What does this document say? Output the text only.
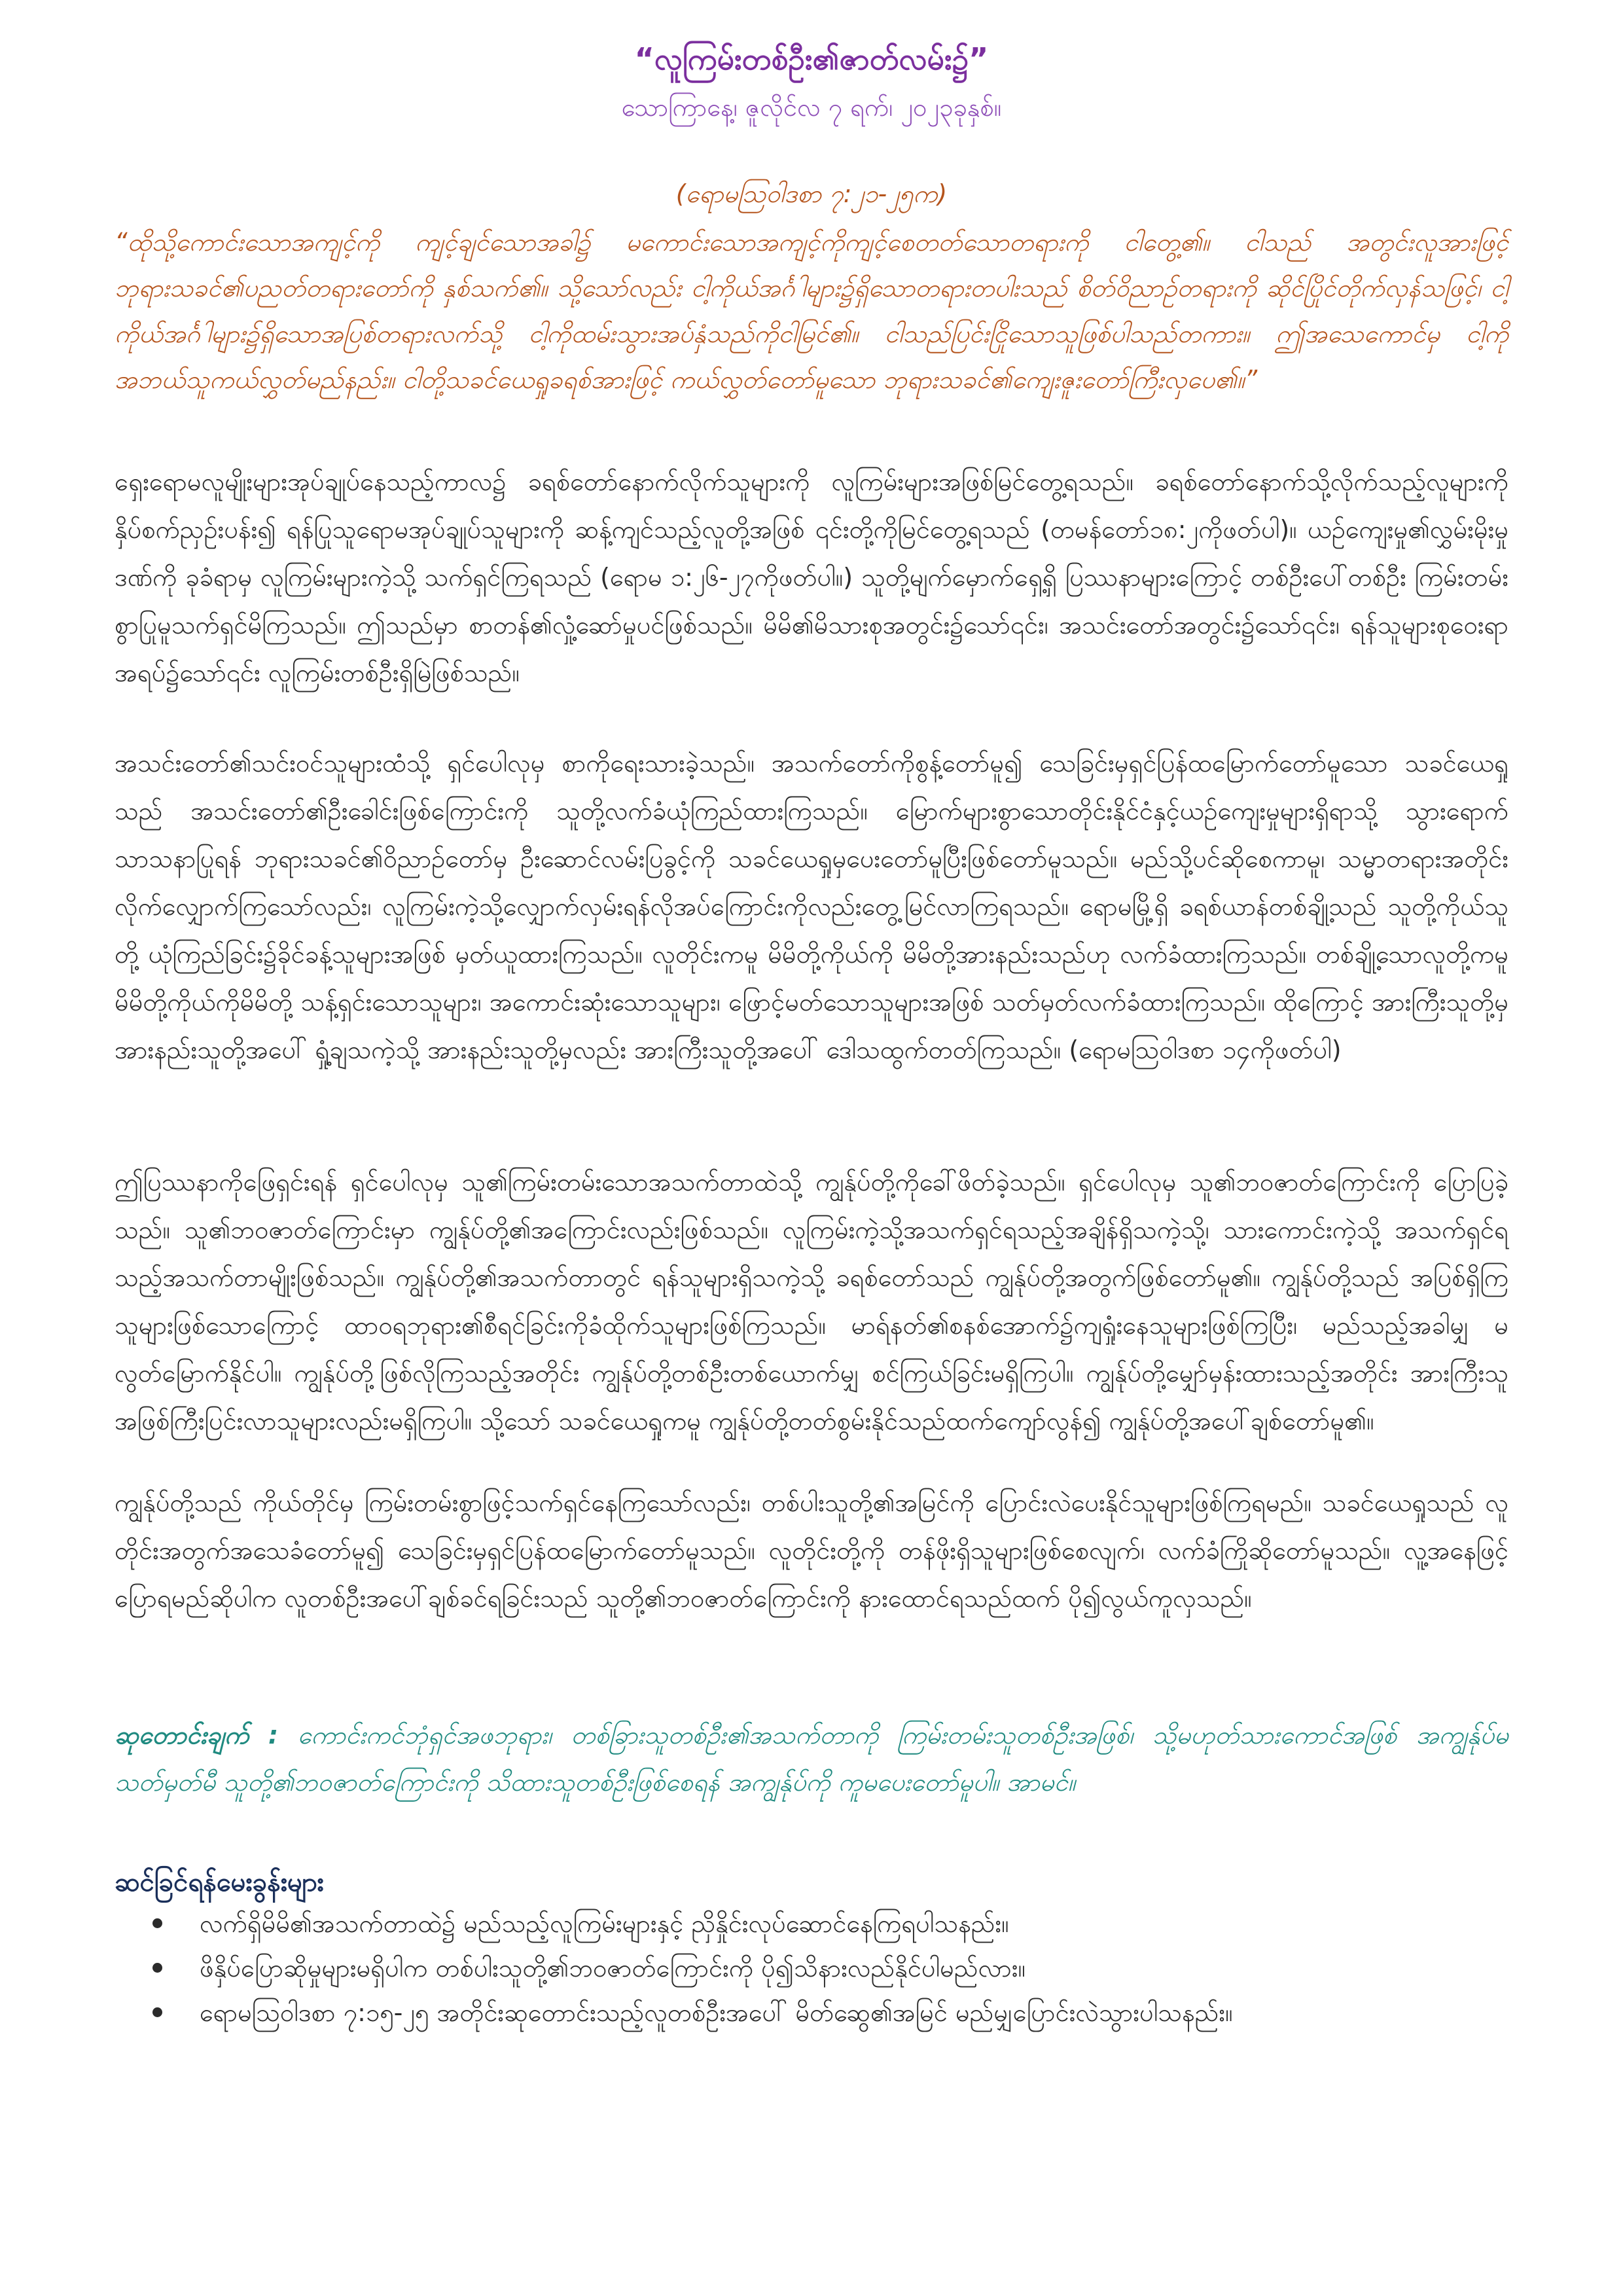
“လူကြမ်းတစ်ဦး၏ဇာတ်လမ်း၌”
သောကြာနေ့၊ ဇူလိုင်လ ၇ ရက်၊ ၂၀၂၃ခုနှစ်။
(ရောမဩဝါဒစာ ၇:၂၁-၂၅က)

“ထိုသို့ကောင်းသောအကျင့်ကို ကျင့်ချင်သောအခါ၌ မကောင်းသောအကျင့်ကိုကျင့်စေတတ်သောတရားကို ငါတွေ့၏။ ငါသည် အတွင်းလူအားဖြင့် ဘုရားသခင်၏ပညတ်တရားတော်ကို နှစ်သက်၏။ သို့သော်လည်း ငါ့ကိုယ်အင်္ဂါများ၌ရှိသောတရားတပါးသည် စိတ်ဝိညာဉ်တရားကို ဆိုင်ပြိုင်တိုက်လှန်သဖြင့်၊ ငါ့ကိုယ်အင်္ဂါများ၌ရှိသောအပြစ်တရားလက်သို့ ငါ့ကိုထမ်းသွားအပ်နှံသည်ကိုငါမြင်၏။ ငါသည်ပြင်းငြိုသောသူဖြစ်ပါသည်တကား။ ဤအသေကောင်မှ ငါ့ကို အဘယ်သူကယ်လွှတ်မည်နည်း။ ငါတို့သခင်ယေရှုခရစ်အားဖြင့် ကယ်လွှတ်တော်မူသော ဘုရားသခင်၏ကျေးဇူးတော်ကြီးလှပေ၏။”

ရှေးရောမလူမျိုးများအုပ်ချုပ်နေသည့်ကာလ၌ ခရစ်တော်နောက်လိုက်သူများကို လူကြမ်းများအဖြစ်မြင်တွေ့ရသည်။ ခရစ်တော်နောက်သို့လိုက်သည့်လူများကို နှိပ်စက်ညှဉ်းပန်း၍ ရန်ပြုသူရောမအုပ်ချုပ်သူများကို ဆန့်ကျင်သည့်လူတို့အဖြစ် ၎င်းတို့ကိုမြင်တွေ့ရသည် (တမန်တော်၁၈:၂ကိုဖတ်ပါ)။ ယဉ်ကျေးမှု၏လွှမ်းမိုးမှုဒဏ်ကို ခုခံရာမှ လူကြမ်းများကဲ့သို့ သက်ရှင်ကြရသည် (ရောမ ၁:၂၆-၂၇ကိုဖတ်ပါ။) သူတို့မျက်မှောက်ရှေ့ရှိ ပြဿနာများကြောင့် တစ်ဦးပေါ်တစ်ဦး ကြမ်းတမ်းစွာပြုမူသက်ရှင်မိကြသည်။ ဤသည်မှာ စာတန်၏လှုံ့ဆော်မှုပင်ဖြစ်သည်။ မိမိ၏မိသားစုအတွင်း၌သော်၎င်း၊ အသင်းတော်အတွင်း၌သော်၎င်း၊ ရန်သူများစုဝေးရာအရပ်၌သော်၎င်း လူကြမ်းတစ်ဦးရှိမြဲဖြစ်သည်။

အသင်းတော်၏သင်းဝင်သူများထံသို့ ရှင်ပေါလုမှ စာကိုရေးသားခဲ့သည်။ အသက်တော်ကိုစွန့်တော်မူ၍ သေခြင်းမှရှင်ပြန်ထမြောက်တော်မူသော သခင်ယေရှုသည် အသင်းတော်၏ဦးခေါင်းဖြစ်ကြောင်းကို သူတို့လက်ခံယုံကြည်ထားကြသည်။ မြောက်များစွာသောတိုင်းနိုင်ငံနှင့်ယဉ်ကျေးမှုများရှိရာသို့ သွားရောက်သာသနာပြုရန် ဘုရားသခင်၏ဝိညာဉ်တော်မှ ဦးဆောင်လမ်းပြခွင့်ကို သခင်ယေရှုမှပေးတော်မူပြီးဖြစ်တော်မူသည်။ မည်သို့ပင်ဆိုစေကာမူ၊ သမ္မာတရားအတိုင်းလိုက်လျှောက်ကြသော်လည်း၊ လူကြမ်းကဲ့သို့လျှောက်လှမ်းရန်လိုအပ်ကြောင်းကိုလည်းတွေ့မြင်လာကြရသည်။ ရောမမြို့ရှိ ခရစ်ယာန်တစ်ချို့သည် သူတို့ကိုယ်သူတို့ ယုံကြည်ခြင်း၌ခိုင်ခန့်သူများအဖြစ် မှတ်ယူထားကြသည်။ လူတိုင်းကမူ မိမိတို့ကိုယ်ကို မိမိတို့အားနည်းသည်ဟု လက်ခံထားကြသည်။ တစ်ချို့သောလူတို့ကမူ မိမိတို့ကိုယ်ကိုမိမိတို့ သန့်ရှင်းသောသူများ၊ အကောင်းဆုံးသောသူများ၊ ဖြောင့်မတ်သောသူများအဖြစ် သတ်မှတ်လက်ခံထားကြသည်။ ထိုကြောင့် အားကြီးသူတို့မှ အားနည်းသူတို့အပေါ် ရှုံ့ချသကဲ့သို့ အားနည်းသူတို့မှလည်း အားကြီးသူတို့အပေါ် ဒေါသထွက်တတ်ကြသည်။ (ရောမဩဝါဒစာ ၁၄ကိုဖတ်ပါ)

ဤပြဿနာကိုဖြေရှင်းရန် ရှင်ပေါလုမှ သူ၏ကြမ်းတမ်းသောအသက်တာထဲသို့ ကျွန်ုပ်တို့ကိုခေါ်ဖိတ်ခဲ့သည်။ ရှင်ပေါလုမှ သူ၏ဘဝဇာတ်ကြောင်းကို ပြောပြခဲ့သည်။ သူ၏ဘဝဇာတ်ကြောင်းမှာ ကျွန်ုပ်တို့၏အကြောင်းလည်းဖြစ်သည်။ လူကြမ်းကဲ့သို့အသက်ရှင်ရသည့်အချိန်ရှိသကဲ့သို့၊ သားကောင်းကဲ့သို့ အသက်ရှင်ရသည့်အသက်တာမျိုးဖြစ်သည်။ ကျွန်ုပ်တို့၏အသက်တာတွင် ရန်သူများရှိသကဲ့သို့ ခရစ်တော်သည် ကျွန်ုပ်တို့အတွက်ဖြစ်တော်မူ၏။ ကျွန်ုပ်တို့သည် အပြစ်ရှိကြသူများဖြစ်သောကြောင့် ထာဝရဘုရား၏စီရင်ခြင်းကိုခံထိုက်သူများဖြစ်ကြသည်။ မာရ်နတ်၏စနစ်အောက်၌ကျရှုံးနေသူများဖြစ်ကြပြီး၊ မည်သည့်အခါမျှ မလွတ်မြောက်နိုင်ပါ။ ကျွန်ုပ်တို့ဖြစ်လိုကြသည့်အတိုင်း ကျွန်ုပ်တို့တစ်ဦးတစ်ယောက်မျှ စင်ကြယ်ခြင်းမရှိကြပါ။ ကျွန်ုပ်တို့မျှော်မှန်းထားသည့်အတိုင်း အားကြီးသူအဖြစ်ကြီးပြင်းလာသူများလည်းမရှိကြပါ။ သို့သော် သခင်ယေရှုကမူ ကျွန်ုပ်တို့တတ်စွမ်းနိုင်သည်ထက်ကျော်လွန်၍ ကျွန်ုပ်တို့အပေါ်ချစ်တော်မူ၏။

ကျွန်ုပ်တို့သည် ကိုယ်တိုင်မှ ကြမ်းတမ်းစွာဖြင့်သက်ရှင်နေကြသော်လည်း၊ တစ်ပါးသူတို့၏အမြင်ကို ပြောင်းလဲပေးနိုင်သူများဖြစ်ကြရမည်။ သခင်ယေရှုသည် လူတိုင်းအတွက်အသေခံတော်မူ၍ သေခြင်းမှရှင်ပြန်ထမြောက်တော်မူသည်။ လူတိုင်းတို့ကို တန်ဖိုးရှိသူများဖြစ်စေလျက်၊ လက်ခံကြိုဆိုတော်မူသည်။ လူ့အနေဖြင့်ပြောရမည်ဆိုပါက လူတစ်ဦးအပေါ်ချစ်ခင်ရခြင်းသည် သူတို့၏ဘဝဇာတ်ကြောင်းကို နားထောင်ရသည်ထက် ပို၍လွယ်ကူလှသည်။

ဆုတောင်းချက် : ကောင်းကင်ဘုံရှင်အဖဘုရား၊ တစ်ခြားသူတစ်ဦး၏အသက်တာကို ကြမ်းတမ်းသူတစ်ဦးအဖြစ်၊ သို့မဟုတ်သားကောင်အဖြစ် အကျွန်ုပ်မသတ်မှတ်မီ သူတို့၏ဘဝဇာတ်ကြောင်းကို သိထားသူတစ်ဦးဖြစ်စေရန် အကျွန်ုပ်ကို ကူမပေးတော်မူပါ။ အာမင်။

ဆင်ခြင်ရန်မေးခွန်းများ
လက်ရှိမိမိ၏အသက်တာထဲ၌ မည်သည့်လူကြမ်းများနှင့် ညှိနှိုင်းလုပ်ဆောင်နေကြရပါသနည်း။
ဖိနှိပ်ပြောဆိုမှုများမရှိပါက တစ်ပါးသူတို့၏ဘဝဇာတ်ကြောင်းကို ပို၍သိနားလည်နိုင်ပါမည်လား။
ရောမဩဝါဒစာ ၇:၁၅-၂၅ အတိုင်းဆုတောင်းသည့်လူတစ်ဦးအပေါ် မိတ်ဆွေ၏အမြင် မည်မျှပြောင်းလဲသွားပါသနည်း။
